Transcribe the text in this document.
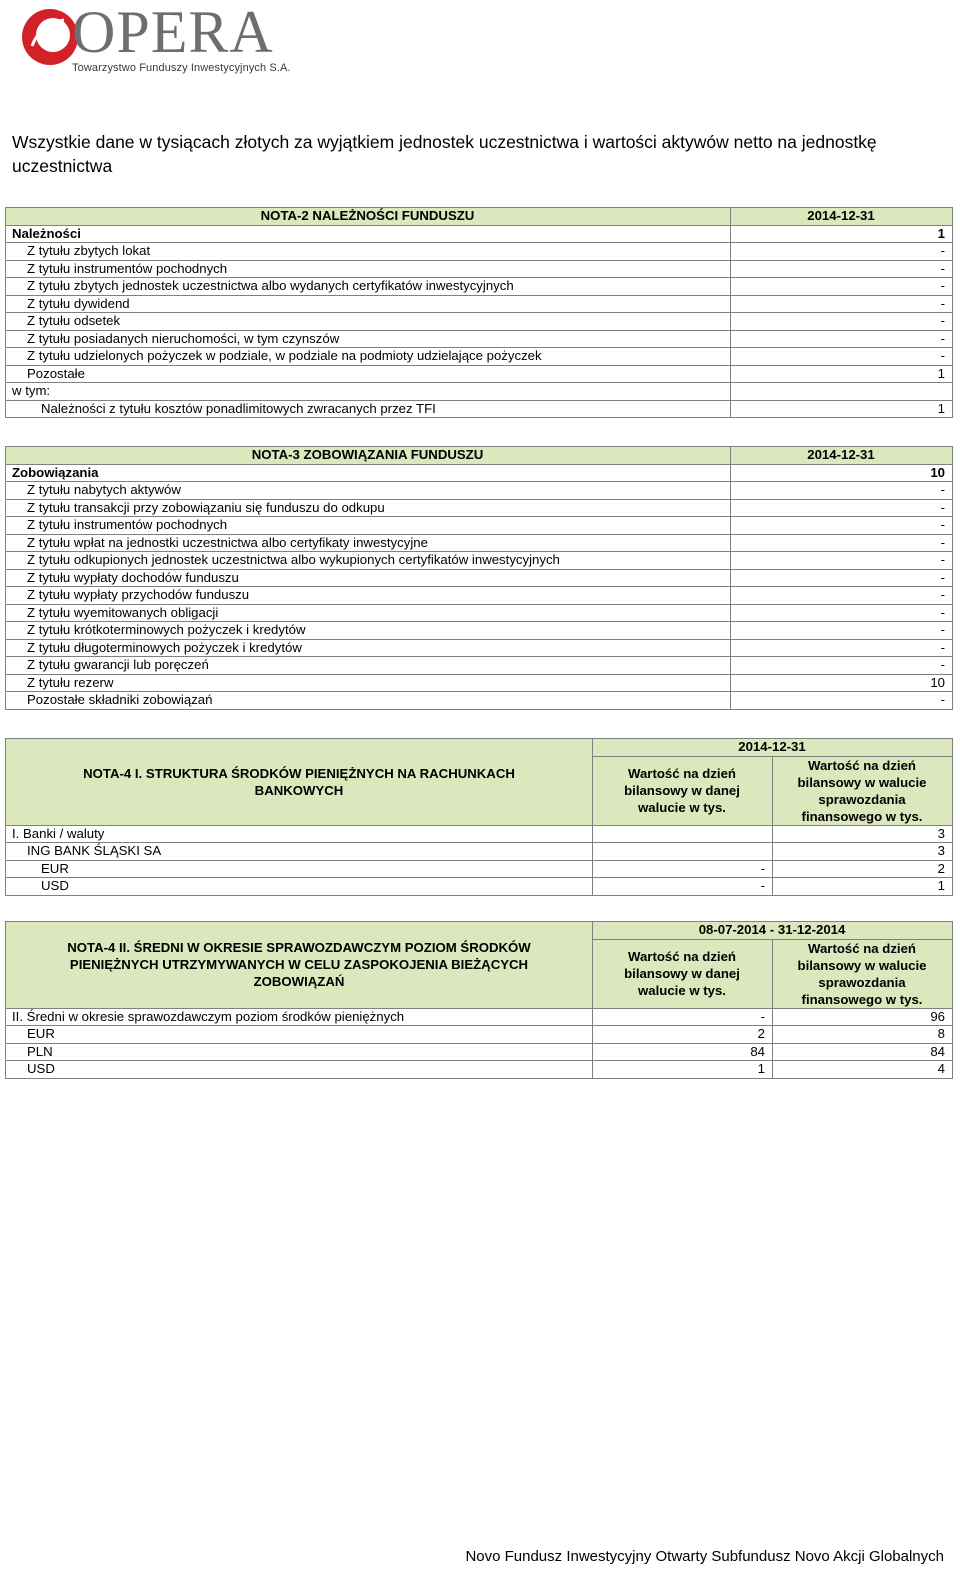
OPERA
Towarzystwo Funduszy Inwestycyjnych S.A.
Wszystkie dane w tysiącach złotych za wyjątkiem jednostek uczestnictwa i wartości aktywów netto na jednostkę uczestnictwa
NOTA-2 NALEŻNOŚCI FUNDUSZU	2014-12-31
Należności	1
Z tytułu zbytych lokat	-
Z tytułu instrumentów pochodnych	-
Z tytułu zbytych jednostek uczestnictwa albo wydanych certyfikatów inwestycyjnych	-
Z tytułu dywidend	-
Z tytułu odsetek	-
Z tytułu posiadanych nieruchomości, w tym czynszów	-
Z tytułu udzielonych pożyczek w podziale, w podziale na podmioty udzielające pożyczek	-
Pozostałe	1
w tym:	
Należności z tytułu kosztów ponadlimitowych zwracanych przez TFI	1
NOTA-3 ZOBOWIĄZANIA FUNDUSZU	2014-12-31
Zobowiązania	10
Z tytułu nabytych aktywów	-
Z tytułu transakcji przy zobowiązaniu się funduszu do odkupu	-
Z tytułu instrumentów pochodnych	-
Z tytułu wpłat na jednostki uczestnictwa albo certyfikaty inwestycyjne	-
Z tytułu odkupionych jednostek uczestnictwa albo wykupionych certyfikatów inwestycyjnych	-
Z tytułu wypłaty dochodów funduszu	-
Z tytułu wypłaty przychodów funduszu	-
Z tytułu wyemitowanych obligacji	-
Z tytułu krótkoterminowych pożyczek i kredytów	-
Z tytułu długoterminowych pożyczek i kredytów	-
Z tytułu gwarancji lub poręczeń	-
Z tytułu rezerw	10
Pozostałe składniki zobowiązań	-
NOTA-4 I. STRUKTURA ŚRODKÓW PIENIĘŻNYCH NA RACHUNKACH BANKOWYCH	2014-12-31	
	Wartość na dzień bilansowy w danej walucie w tys.	Wartość na dzień bilansowy w walucie sprawozdania finansowego w tys.
I. Banki / waluty		3
ING BANK ŚLĄSKI SA		3
EUR	-	2
USD	-	1
NOTA-4 II. ŚREDNI W OKRESIE SPRAWOZDAWCZYM POZIOM ŚRODKÓW PIENIĘŻNYCH UTRZYMYWANYCH W CELU ZASPOKOJENIA BIEŻĄCYCH ZOBOWIĄZAŃ	08-07-2014 - 31-12-2014	
	Wartość na dzień bilansowy w danej walucie w tys.	Wartość na dzień bilansowy w walucie sprawozdania finansowego w tys.
II. Średni w okresie sprawozdawczym poziom środków pieniężnych	-	96
EUR	2	8
PLN	84	84
USD	1	4
Novo Fundusz Inwestycyjny Otwarty Subfundusz Novo Akcji Globalnych
